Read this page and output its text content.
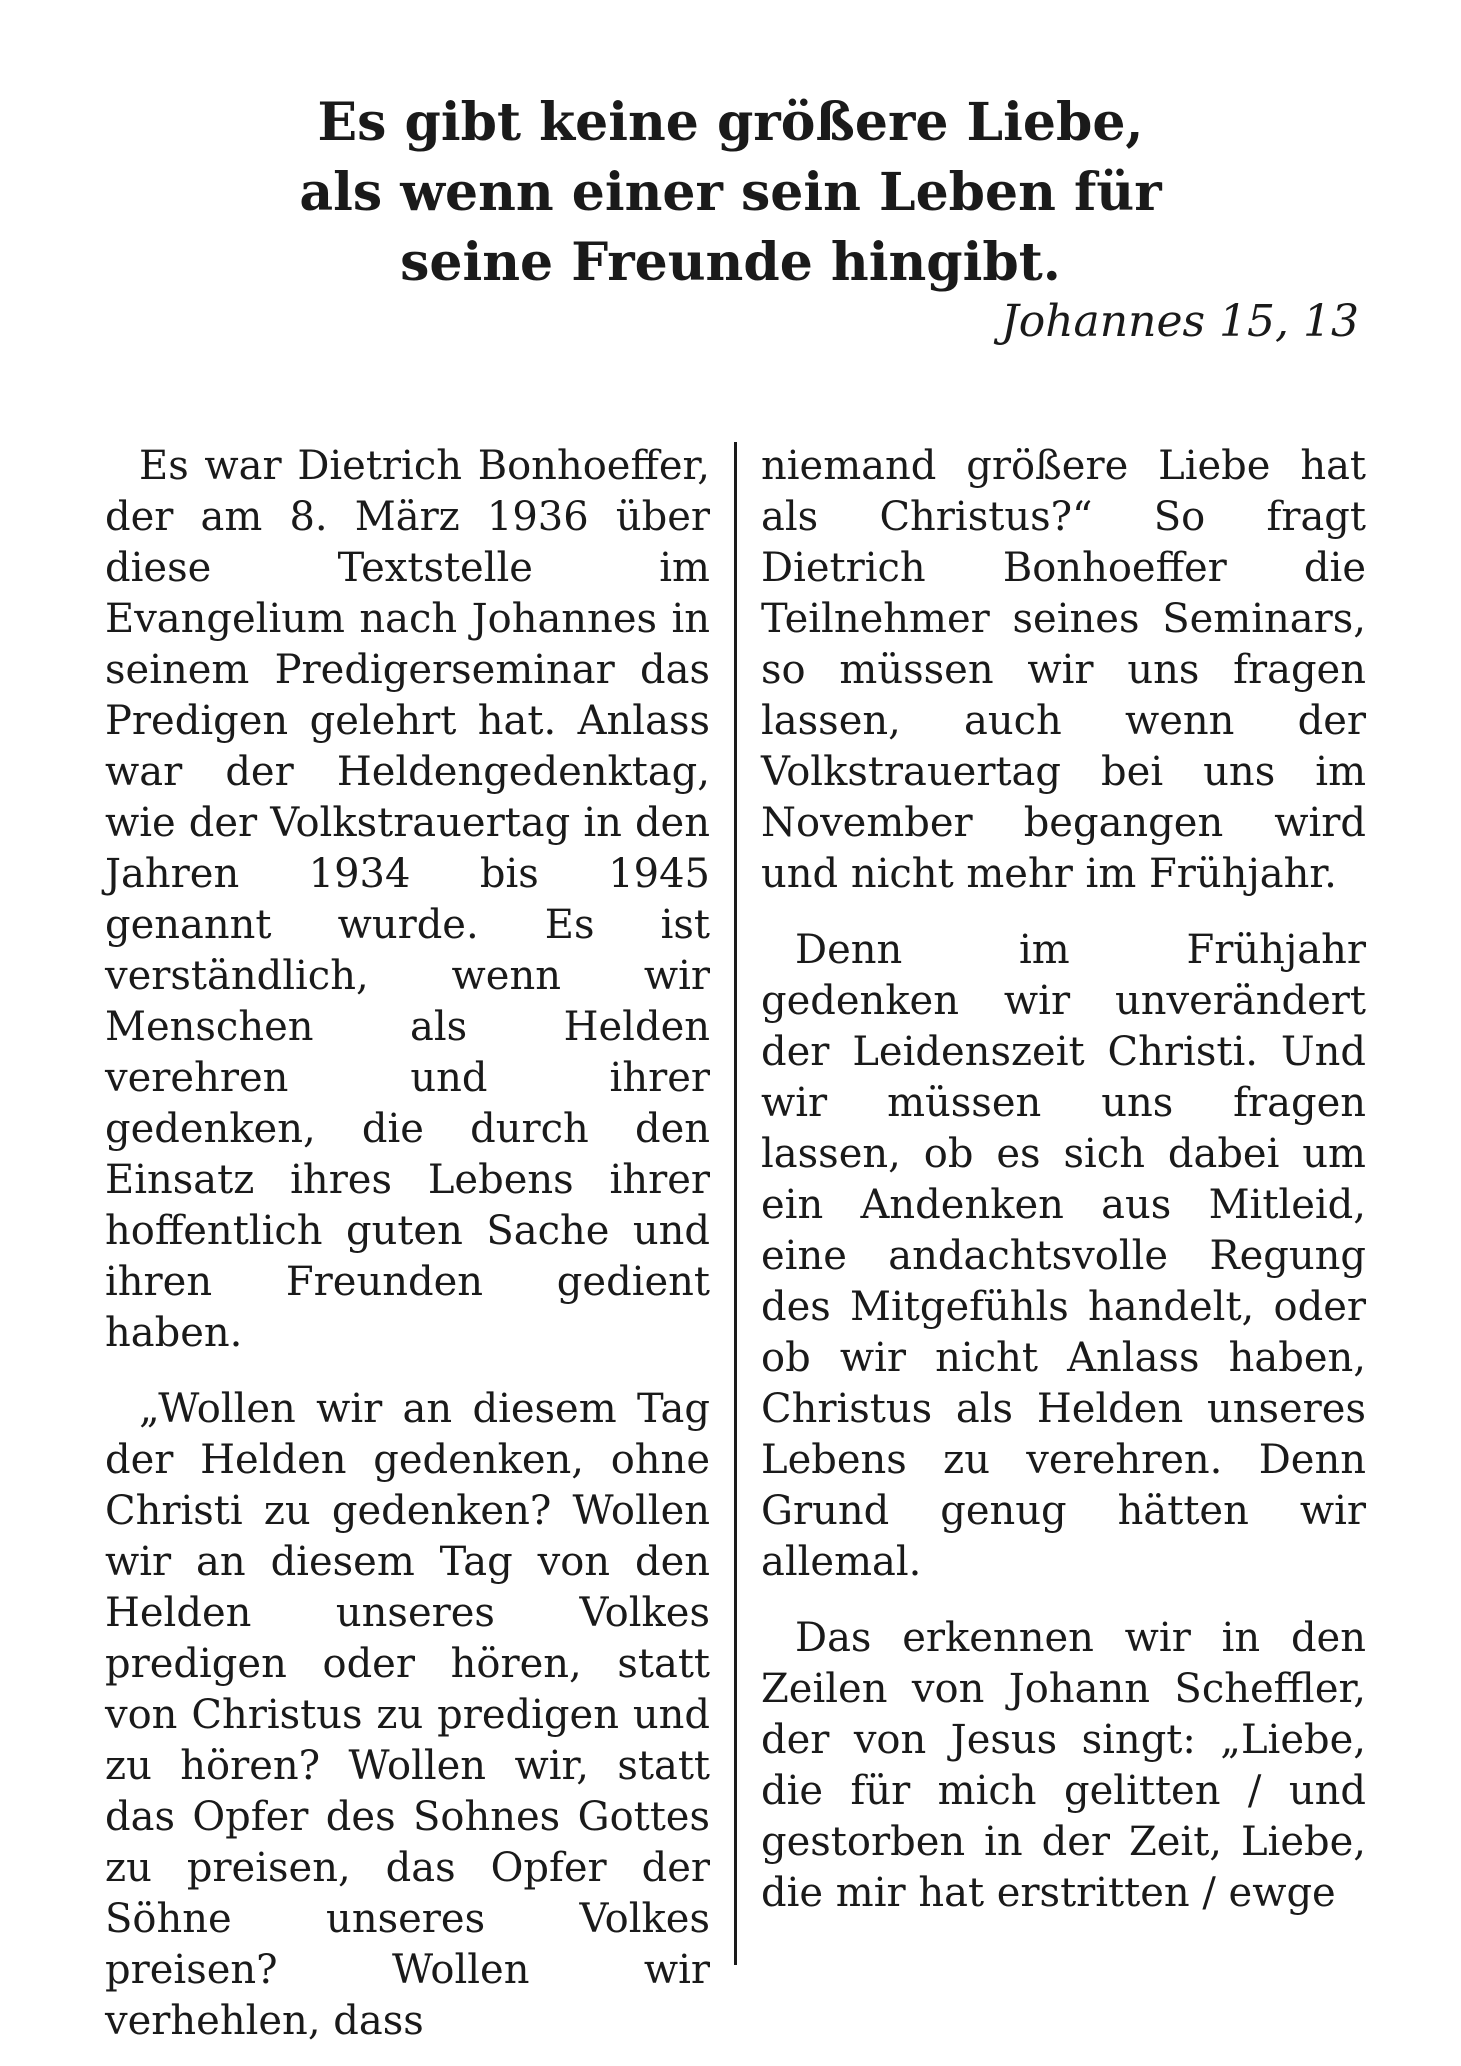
Es gibt keine größere Liebe,
als wenn einer sein Leben für
seine Freunde hingibt.
Johannes 15, 13

Es war Dietrich Bonhoeffer, der am 8. März 1936 über diese Textstelle im Evangelium nach Johannes in seinem Predigerseminar das Predigen gelehrt hat. Anlass war der Heldengedenktag, wie der Volkstrauertag in den Jahren 1934 bis 1945 genannt wurde. Es ist verständlich, wenn wir Menschen als Helden verehren und ihrer gedenken, die durch den Einsatz ihres Lebens ihrer hoffentlich guten Sache und ihren Freunden gedient haben.

„Wollen wir an diesem Tag der Helden gedenken, ohne Christi zu gedenken? Wollen wir an diesem Tag von den Helden unseres Volkes predigen oder hören, statt von Christus zu predigen und zu hören? Wollen wir, statt das Opfer des Sohnes Gottes zu preisen, das Opfer der Söhne unseres Volkes preisen? Wollen wir verhehlen, dass

niemand größere Liebe hat als Christus?“ So fragt Dietrich Bonhoeffer die Teilnehmer seines Seminars, so müssen wir uns fragen lassen, auch wenn der Volkstrauertag bei uns im November begangen wird und nicht mehr im Frühjahr.

Denn im Frühjahr gedenken wir unverändert der Leidenszeit Christi. Und wir müssen uns fragen lassen, ob es sich dabei um ein Andenken aus Mitleid, eine andachtsvolle Regung des Mitgefühls handelt, oder ob wir nicht Anlass haben, Christus als Helden unseres Lebens zu verehren. Denn Grund genug hätten wir allemal.

Das erkennen wir in den Zeilen von Johann Scheffler, der von Jesus singt: „Liebe, die für mich gelitten / und gestorben in der Zeit, Liebe, die mir hat erstritten / ewge
